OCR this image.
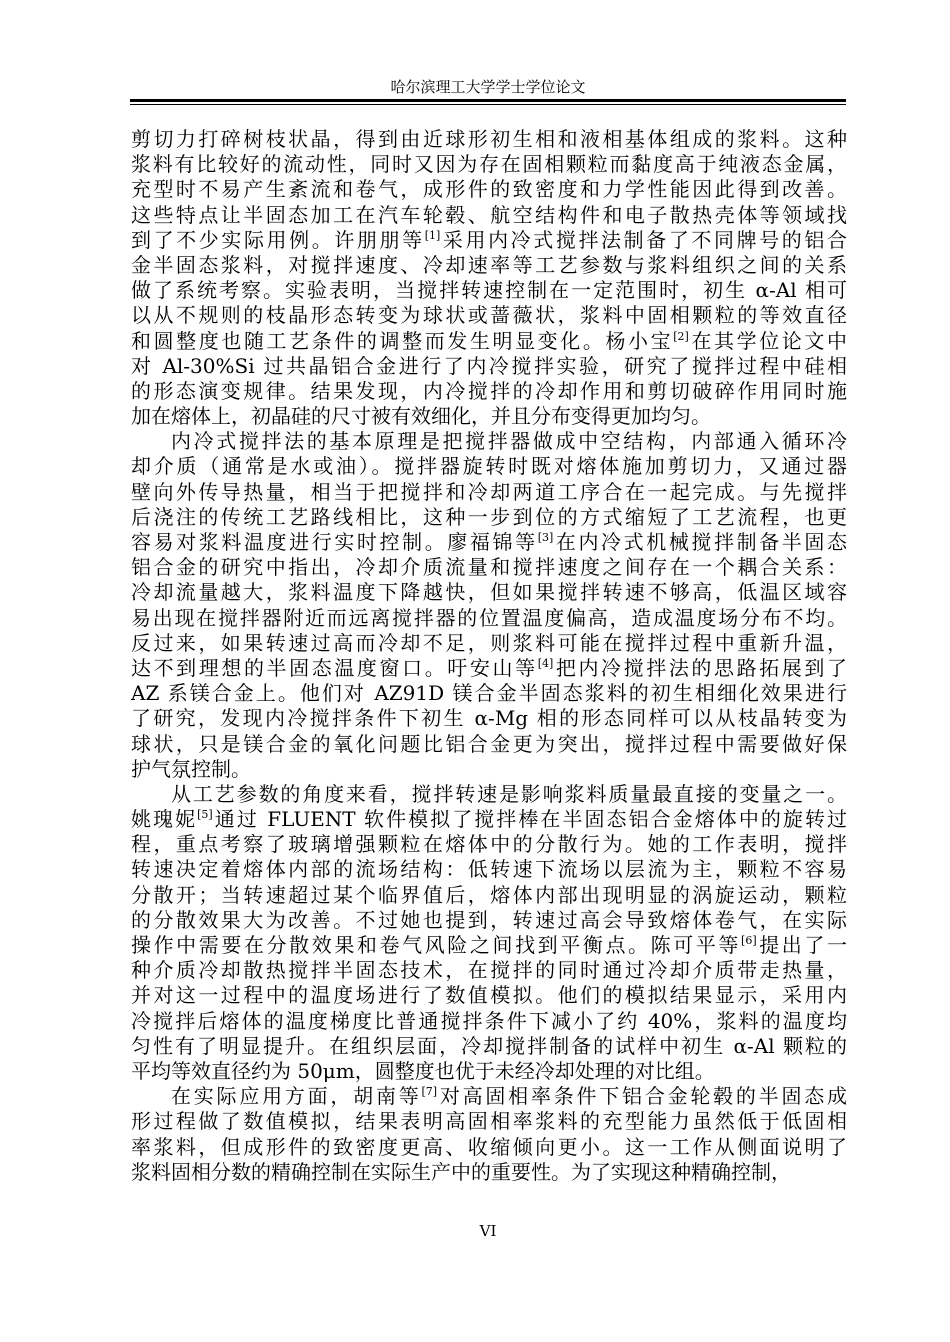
哈尔滨理工大学学士学位论文
剪切力打碎树枝状晶，得到由近球形初生相和液相基体组成的浆料。这种
浆料有比较好的流动性，同时又因为存在固相颗粒而黏度高于纯液态金属，
充型时不易产生紊流和卷气，成形件的致密度和力学性能因此得到改善。
这些特点让半固态加工在汽车轮毂、航空结构件和电子散热壳体等领域找
到了不少实际用例。许朋朋等[1]采用内冷式搅拌法制备了不同牌号的铝合
金半固态浆料，对搅拌速度、冷却速率等工艺参数与浆料组织之间的关系
做了系统考察。实验表明，当搅拌转速控制在一定范围时，初生 α-Al 相可
以从不规则的枝晶形态转变为球状或蔷薇状，浆料中固相颗粒的等效直径
和圆整度也随工艺条件的调整而发生明显变化。杨小宝[2]在其学位论文中
对 Al-30%Si 过共晶铝合金进行了内冷搅拌实验，研究了搅拌过程中硅相
的形态演变规律。结果发现，内冷搅拌的冷却作用和剪切破碎作用同时施
加在熔体上，初晶硅的尺寸被有效细化，并且分布变得更加均匀。
内冷式搅拌法的基本原理是把搅拌器做成中空结构，内部通入循环冷
却介质（通常是水或油）。搅拌器旋转时既对熔体施加剪切力，又通过器
壁向外传导热量，相当于把搅拌和冷却两道工序合在一起完成。与先搅拌
后浇注的传统工艺路线相比，这种一步到位的方式缩短了工艺流程，也更
容易对浆料温度进行实时控制。廖福锦等[3]在内冷式机械搅拌制备半固态
铝合金的研究中指出，冷却介质流量和搅拌速度之间存在一个耦合关系：
冷却流量越大，浆料温度下降越快，但如果搅拌转速不够高，低温区域容
易出现在搅拌器附近而远离搅拌器的位置温度偏高，造成温度场分布不均。
反过来，如果转速过高而冷却不足，则浆料可能在搅拌过程中重新升温，
达不到理想的半固态温度窗口。吁安山等[4]把内冷搅拌法的思路拓展到了
AZ 系镁合金上。他们对 AZ91D 镁合金半固态浆料的初生相细化效果进行
了研究，发现内冷搅拌条件下初生 α-Mg 相的形态同样可以从枝晶转变为
球状，只是镁合金的氧化问题比铝合金更为突出，搅拌过程中需要做好保
护气氛控制。
从工艺参数的角度来看，搅拌转速是影响浆料质量最直接的变量之一。
姚瑰妮[5]通过 FLUENT 软件模拟了搅拌棒在半固态铝合金熔体中的旋转过
程，重点考察了玻璃增强颗粒在熔体中的分散行为。她的工作表明，搅拌
转速决定着熔体内部的流场结构：低转速下流场以层流为主，颗粒不容易
分散开；当转速超过某个临界值后，熔体内部出现明显的涡旋运动，颗粒
的分散效果大为改善。不过她也提到，转速过高会导致熔体卷气，在实际
操作中需要在分散效果和卷气风险之间找到平衡点。陈可平等[6]提出了一
种介质冷却散热搅拌半固态技术，在搅拌的同时通过冷却介质带走热量，
并对这一过程中的温度场进行了数值模拟。他们的模拟结果显示，采用内
冷搅拌后熔体的温度梯度比普通搅拌条件下减小了约 40%，浆料的温度均
匀性有了明显提升。在组织层面，冷却搅拌制备的试样中初生 α-Al 颗粒的
平均等效直径约为 50μm，圆整度也优于未经冷却处理的对比组。
在实际应用方面，胡南等[7]对高固相率条件下铝合金轮毂的半固态成
形过程做了数值模拟，结果表明高固相率浆料的充型能力虽然低于低固相
率浆料，但成形件的致密度更高、收缩倾向更小。这一工作从侧面说明了
浆料固相分数的精确控制在实际生产中的重要性。为了实现这种精确控制，
VI
